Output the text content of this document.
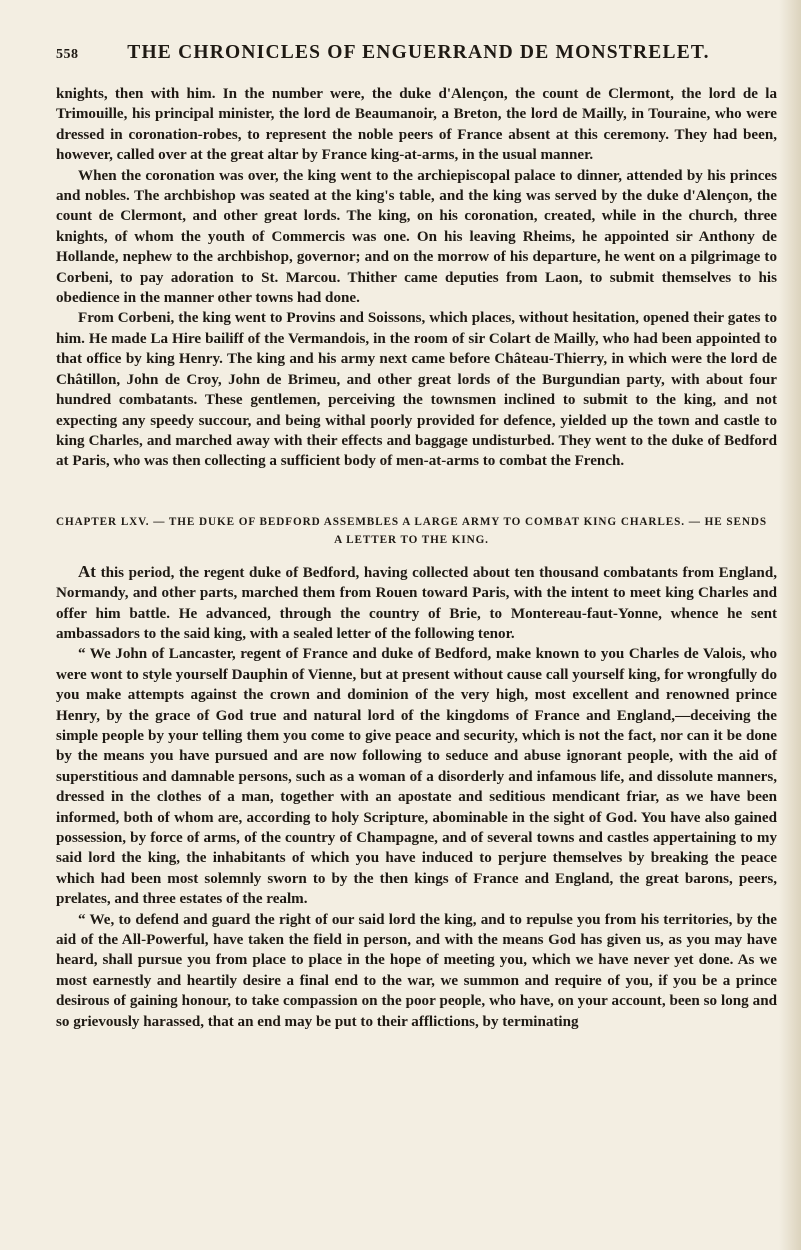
558	THE CHRONICLES OF ENGUERRAND DE MONSTRELET.

knights, then with him. In the number were, the duke d'Alençon, the count de Clermont, the lord de la Trimouille, his principal minister, the lord de Beaumanoir, a Breton, the lord de Mailly, in Touraine, who were dressed in coronation-robes, to represent the noble peers of France absent at this ceremony. They had been, however, called over at the great altar by France king-at-arms, in the usual manner.

When the coronation was over, the king went to the archiepiscopal palace to dinner, attended by his princes and nobles. The archbishop was seated at the king's table, and the king was served by the duke d'Alençon, the count de Clermont, and other great lords. The king, on his coronation, created, while in the church, three knights, of whom the youth of Commercis was one. On his leaving Rheims, he appointed sir Anthony de Hollande, nephew to the archbishop, governor; and on the morrow of his departure, he went on a pilgrimage to Corbeni, to pay adoration to St. Marcou. Thither came deputies from Laon, to submit themselves to his obedience in the manner other towns had done.

From Corbeni, the king went to Provins and Soissons, which places, without hesitation, opened their gates to him. He made La Hire bailiff of the Vermandois, in the room of sir Colart de Mailly, who had been appointed to that office by king Henry. The king and his army next came before Château-Thierry, in which were the lord de Châtillon, John de Croy, John de Brimeu, and other great lords of the Burgundian party, with about four hundred combatants. These gentlemen, perceiving the townsmen inclined to submit to the king, and not expecting any speedy succour, and being withal poorly provided for defence, yielded up the town and castle to king Charles, and marched away with their effects and baggage undisturbed. They went to the duke of Bedford at Paris, who was then collecting a sufficient body of men-at-arms to combat the French.

CHAPTER LXV. — THE DUKE OF BEDFORD ASSEMBLES A LARGE ARMY TO COMBAT KING CHARLES. — HE SENDS A LETTER TO THE KING.

At this period, the regent duke of Bedford, having collected about ten thousand combatants from England, Normandy, and other parts, marched them from Rouen toward Paris, with the intent to meet king Charles and offer him battle. He advanced, through the country of Brie, to Montereau-faut-Yonne, whence he sent ambassadors to the said king, with a sealed letter of the following tenor.

“ We John of Lancaster, regent of France and duke of Bedford, make known to you Charles de Valois, who were wont to style yourself Dauphin of Vienne, but at present without cause call yourself king, for wrongfully do you make attempts against the crown and dominion of the very high, most excellent and renowned prince Henry, by the grace of God true and natural lord of the kingdoms of France and England,—deceiving the simple people by your telling them you come to give peace and security, which is not the fact, nor can it be done by the means you have pursued and are now following to seduce and abuse ignorant people, with the aid of superstitious and damnable persons, such as a woman of a disorderly and infamous life, and dissolute manners, dressed in the clothes of a man, together with an apostate and seditious mendicant friar, as we have been informed, both of whom are, according to holy Scripture, abominable in the sight of God. You have also gained possession, by force of arms, of the country of Champagne, and of several towns and castles appertaining to my said lord the king, the inhabitants of which you have induced to perjure themselves by breaking the peace which had been most solemnly sworn to by the then kings of France and England, the great barons, peers, prelates, and three estates of the realm.

“ We, to defend and guard the right of our said lord the king, and to repulse you from his territories, by the aid of the All-Powerful, have taken the field in person, and with the means God has given us, as you may have heard, shall pursue you from place to place in the hope of meeting you, which we have never yet done. As we most earnestly and heartily desire a final end to the war, we summon and require of you, if you be a prince desirous of gaining honour, to take compassion on the poor people, who have, on your account, been so long and so grievously harassed, that an end may be put to their afflictions, by terminating
